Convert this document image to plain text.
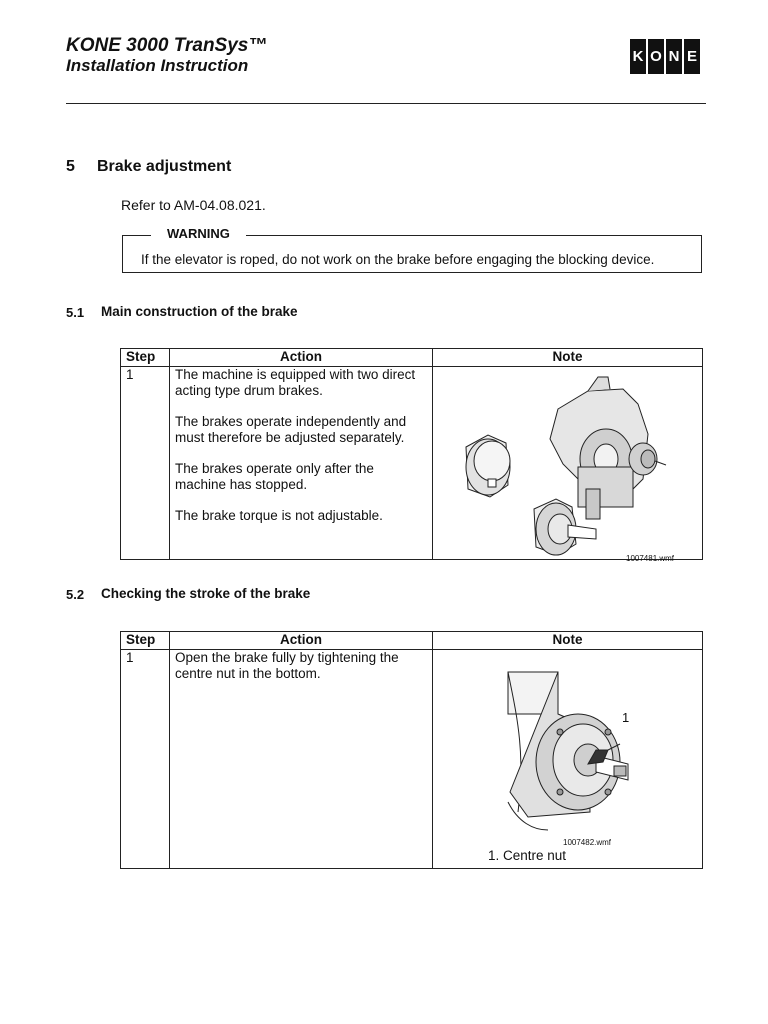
KONE 3000 TranSys™
Installation Instruction	K O N E
5 Brake adjustment
Refer to AM-04.08.021.
WARNING
If the elevator is roped, do not work on the brake before engaging the blocking device.
5.1 Main construction of the brake
Step	Action	Note
1	The machine is equipped with two direct acting type drum brakes.

The brakes operate independently and must therefore be adjusted separately.

The brakes operate only after the machine has stopped.

The brake torque is not adjustable.	1007481.wmf
5.2 Checking the stroke of the brake
Step	Action	Note
1	Open the brake fully by tightening the centre nut in the bottom.	1
1007482.wmf
1. Centre nut
